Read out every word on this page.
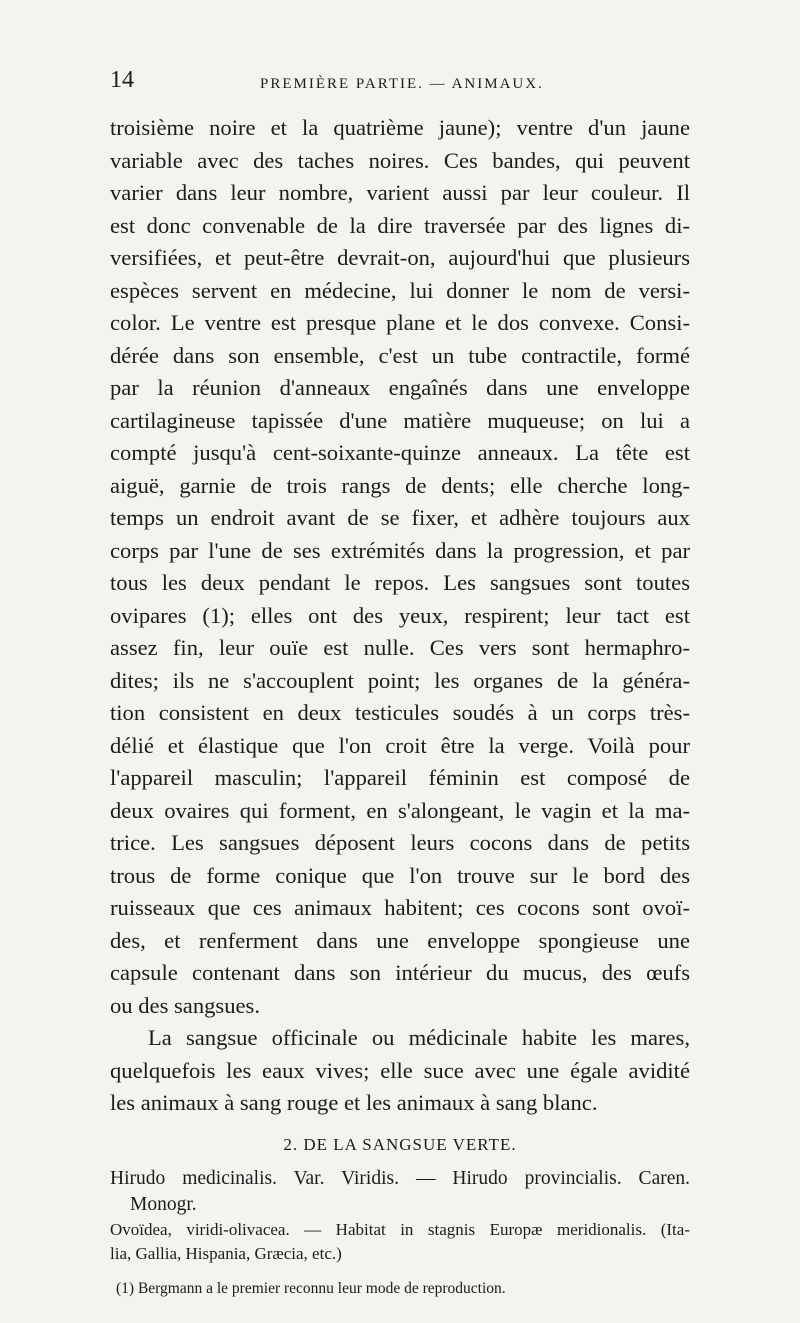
14	PREMIÈRE PARTIE. — ANIMAUX.

troisième noire et la quatrième jaune); ventre d'un jaune
variable avec des taches noires. Ces bandes, qui peuvent
varier dans leur nombre, varient aussi par leur couleur. Il
est donc convenable de la dire traversée par des lignes di-
versifiées, et peut-être devrait-on, aujourd'hui que plusieurs
espèces servent en médecine, lui donner le nom de versi-
color. Le ventre est presque plane et le dos convexe. Consi-
dérée dans son ensemble, c'est un tube contractile, formé
par la réunion d'anneaux engaînés dans une enveloppe
cartilagineuse tapissée d'une matière muqueuse; on lui a
compté jusqu'à cent-soixante-quinze anneaux. La tête est
aiguë, garnie de trois rangs de dents; elle cherche long-
temps un endroit avant de se fixer, et adhère toujours aux
corps par l'une de ses extrémités dans la progression, et par
tous les deux pendant le repos. Les sangsues sont toutes
ovipares (1); elles ont des yeux, respirent; leur tact est
assez fin, leur ouïe est nulle. Ces vers sont hermaphro-
dites; ils ne s'accouplent point; les organes de la généra-
tion consistent en deux testicules soudés à un corps très-
délié et élastique que l'on croit être la verge. Voilà pour
l'appareil masculin; l'appareil féminin est composé de
deux ovaires qui forment, en s'alongeant, le vagin et la ma-
trice. Les sangsues déposent leurs cocons dans de petits
trous de forme conique que l'on trouve sur le bord des
ruisseaux que ces animaux habitent; ces cocons sont ovoï-
des, et renferment dans une enveloppe spongieuse une
capsule contenant dans son intérieur du mucus, des œufs
ou des sangsues.

La sangsue officinale ou médicinale habite les mares,
quelquefois les eaux vives; elle suce avec une égale avidité
les animaux à sang rouge et les animaux à sang blanc.

2. DE LA SANGSUE VERTE.
Hirudo medicinalis. Var. Viridis. — Hirudo provincialis. Caren.
Monogr.
Ovoïdea, viridi-olivacea. — Habitat in stagnis Europæ meridionalis. (Ita-
lia, Gallia, Hispania, Græcia, etc.)
(1) Bergmann a le premier reconnu leur mode de reproduction.
